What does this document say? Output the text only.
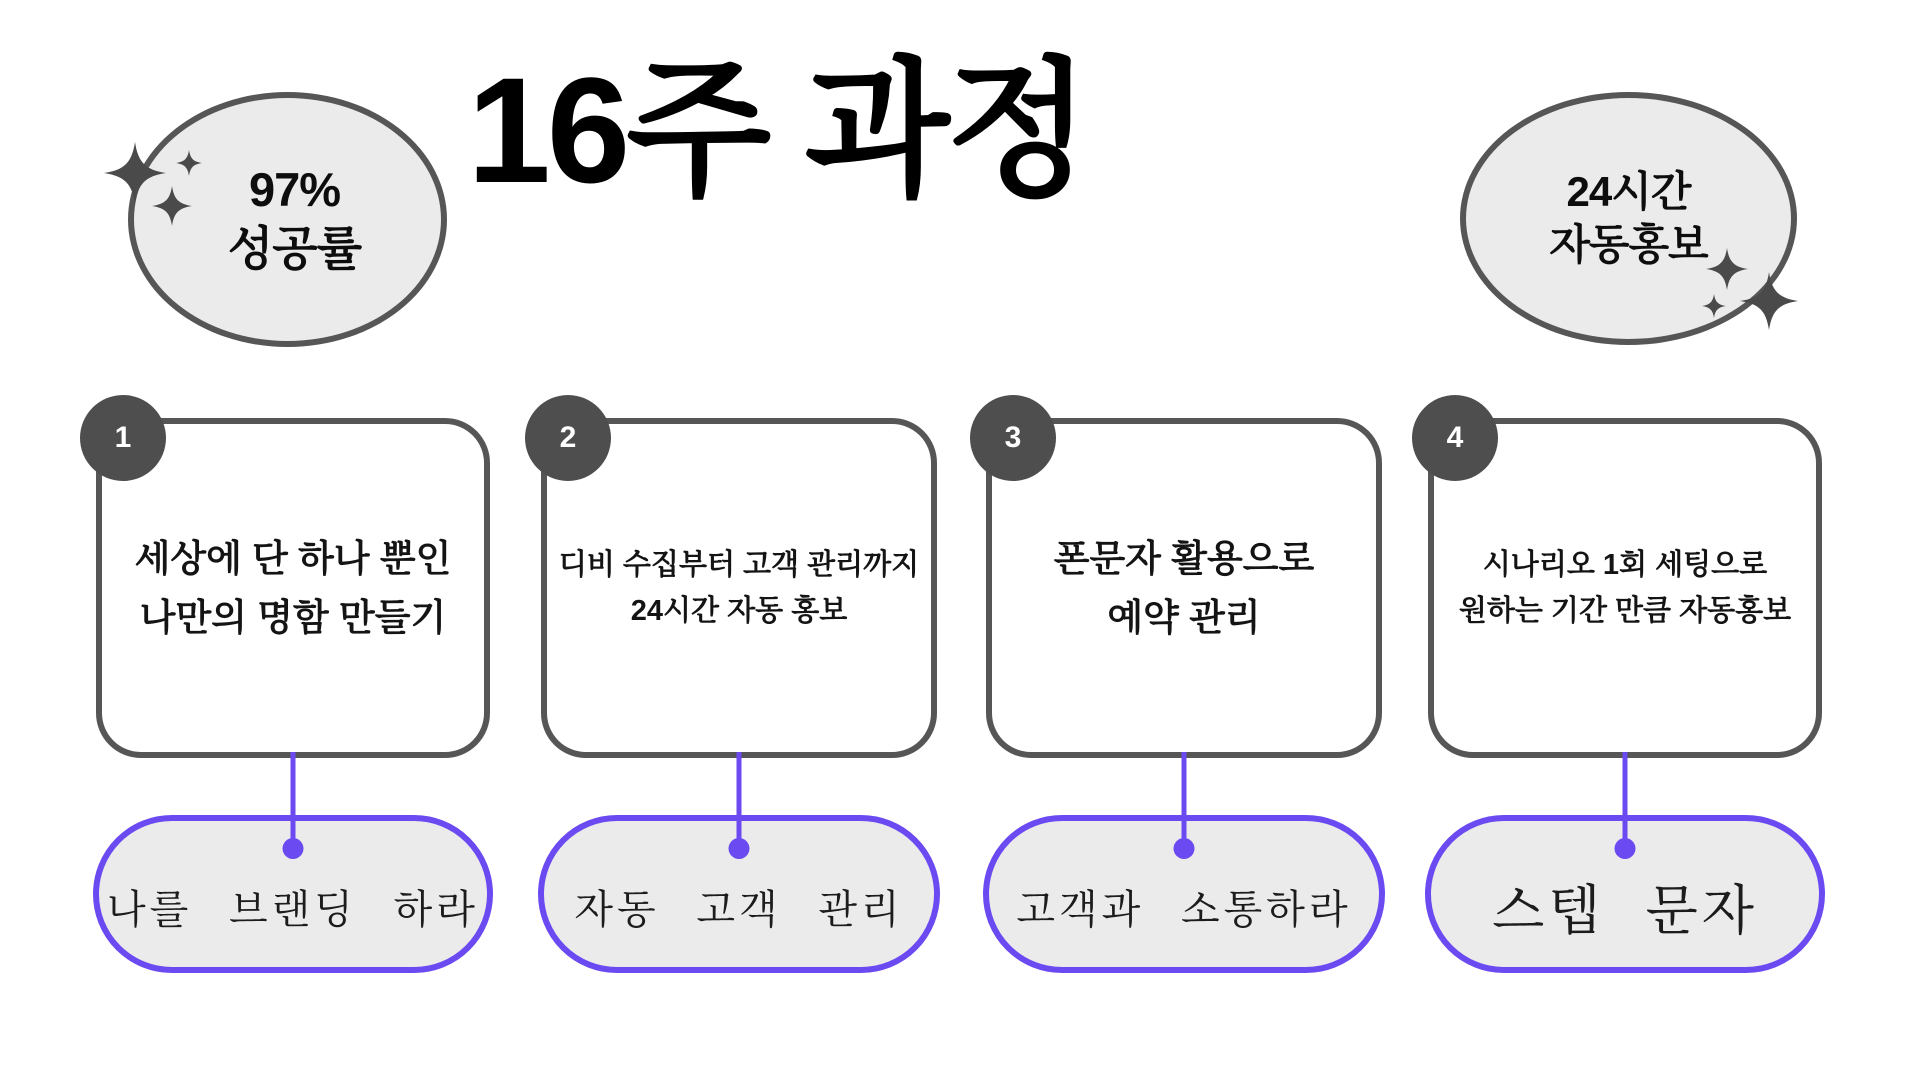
97%
성공률
16주 과정	24시간
자동홍보
1
세상에 단 하나 뿐인
나만의 명함 만들기
나를 브랜딩 하라
2
디비 수집부터 고객 관리까지
24시간 자동 홍보
자동 고객 관리
3
폰문자 활용으로
예약 관리
고객과 소통하라
4
시나리오 1회 세팅으로
원하는 기간 만큼 자동홍보
스텝 문자
